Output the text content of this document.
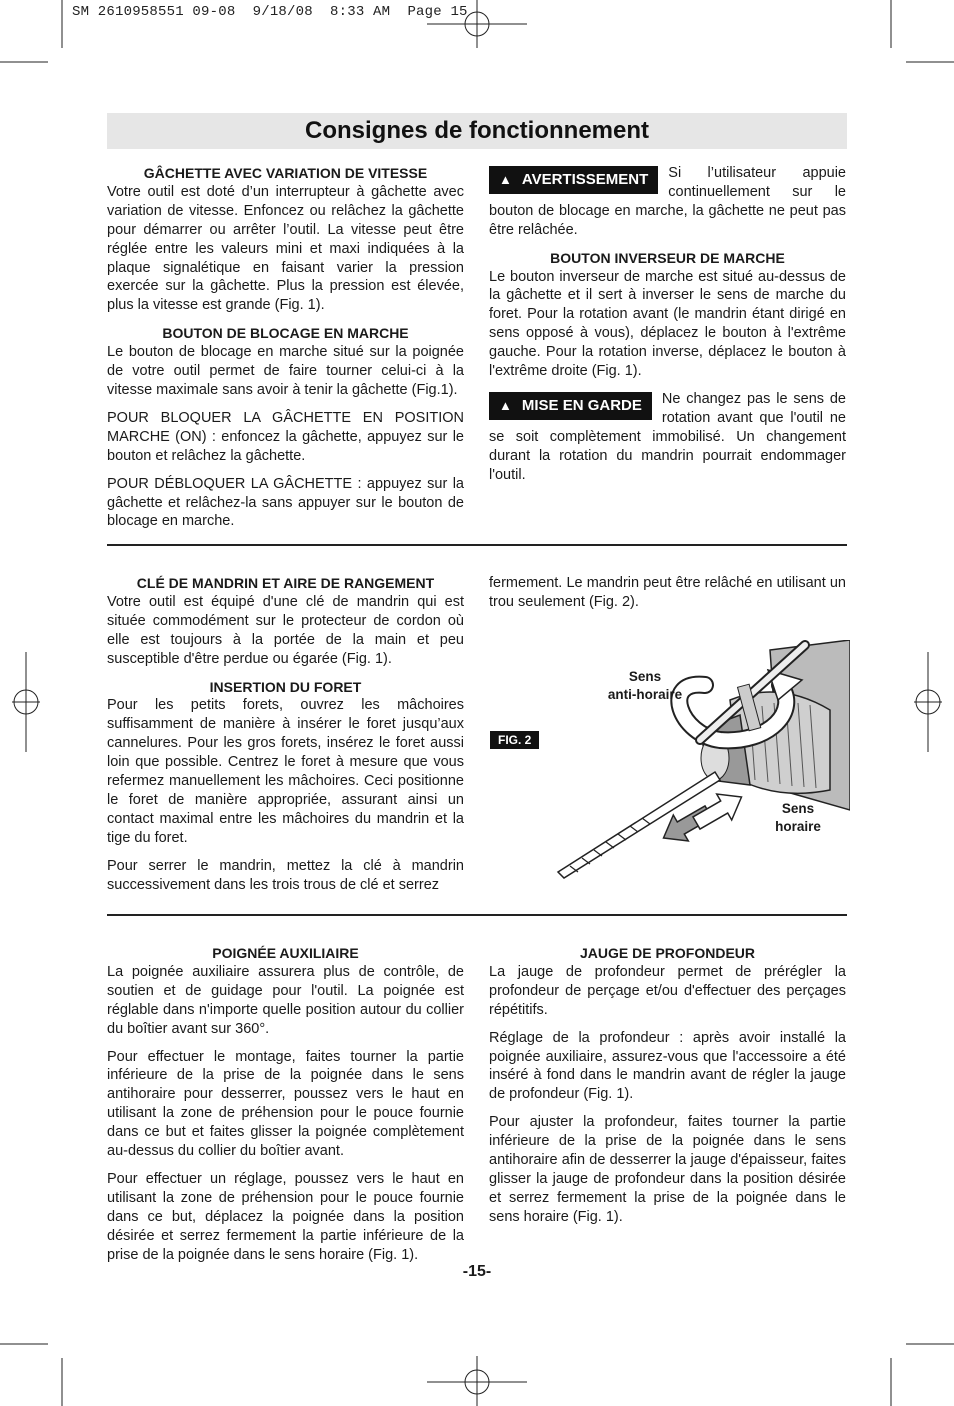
SM 2610958551 09-08  9/18/08  8:33 AM  Page 15
Consignes de fonctionnement
GÂCHETTE AVEC VARIATION DE VITESSE

Votre outil est doté d’un interrupteur à gâchette avec variation de vitesse. Enfoncez ou relâchez la gâchette pour démarrer ou arrêter l’outil. La vitesse peut être réglée entre les valeurs mini et maxi indiquées à la plaque signalétique en faisant varier la pression exercée sur la gâchette. Plus la pression est élevée, plus la vitesse est grande (Fig. 1).

BOUTON DE BLOCAGE EN MARCHE

Le bouton de blocage en marche situé sur la poignée de votre outil permet de faire tourner celui-ci à la vitesse maximale sans avoir à tenir la gâchette (Fig.1).

POUR BLOQUER LA GÂCHETTE EN POSITION MARCHE (ON) : enfoncez la gâchette, appuyez sur le bouton et relâchez la gâchette.

POUR DÉBLOQUER LA GÂCHETTE : appuyez sur la gâchette et relâchez-la sans appuyer sur le bouton de blocage en marche.

▲ AVERTISSEMENT	Si l’utilisateur appuie continuellement sur le bouton de blocage en marche, la gâchette ne peut pas être relâchée.

BOUTON INVERSEUR DE MARCHE

Le bouton inverseur de marche est situé au-dessus de la gâchette et il sert à inverser le sens de marche du foret. Pour la rotation avant (le mandrin étant dirigé en sens opposé à vous), déplacez le bouton à l'extrême gauche. Pour la rotation inverse, déplacez le bouton à l'extrême droite (Fig. 1).

▲ MISE EN GARDE	Ne changez pas le sens de rotation avant que l'outil ne se soit complètement immobilisé. Un changement durant la rotation du mandrin pourrait endommager l'outil.

CLÉ DE MANDRIN ET AIRE DE RANGEMENT

Votre outil est équipé d'une clé de mandrin qui est située commodément sur le protecteur de cordon où elle est toujours à la portée de la main et peu susceptible d'être perdue ou égarée (Fig. 1).

INSERTION DU FORET

Pour les petits forets, ouvrez les mâchoires suffisamment de manière à insérer le foret jusqu’aux cannelures. Pour les gros forets, insérez le foret aussi loin que possible. Centrez le foret à mesure que vous refermez manuellement les mâchoires. Ceci positionne le foret de manière appropriée, assurant ainsi un contact maximal entre les mâchoires du mandrin et la tige du foret.

Pour serrer le mandrin, mettez la clé à mandrin successivement dans les trois trous de clé et serrez

fermement. Le mandrin peut être relâché en utilisant un trou seulement (Fig. 2).

FIG. 2
Sens
anti-horaire
Sens
horaire
POIGNÉE AUXILIAIRE

La poignée auxiliaire assurera plus de contrôle, de soutien et de guidage pour l'outil. La poignée est réglable dans n'importe quelle position autour du collier du boîtier avant sur 360°.

Pour effectuer le montage, faites tourner la partie inférieure de la prise de la poignée dans le sens antihoraire pour desserrer, poussez vers le haut en utilisant la zone de préhension pour le pouce fournie dans ce but et faites glisser la poignée complètement au-dessus du collier du boîtier avant.

Pour effectuer un réglage, poussez vers le haut en utilisant la zone de préhension pour le pouce fournie dans ce but, déplacez la poignée dans la position désirée et serrez fermement la partie inférieure de la prise de la poignée dans le sens horaire (Fig. 1).

JAUGE DE PROFONDEUR

La jauge de profondeur permet de prérégler la profondeur de perçage et/ou d'effectuer des perçages répétitifs.

Réglage de la profondeur : après avoir installé la poignée auxiliaire, assurez-vous que l'accessoire a été inséré à fond dans le mandrin avant de régler la jauge de profondeur (Fig. 1).

Pour ajuster la profondeur, faites tourner la partie inférieure de la prise de la poignée dans le sens antihoraire afin de desserrer la jauge d'épaisseur, faites glisser la jauge de profondeur dans la position désirée et serrez fermement la prise de la poignée dans le sens horaire (Fig. 1).

-15-
